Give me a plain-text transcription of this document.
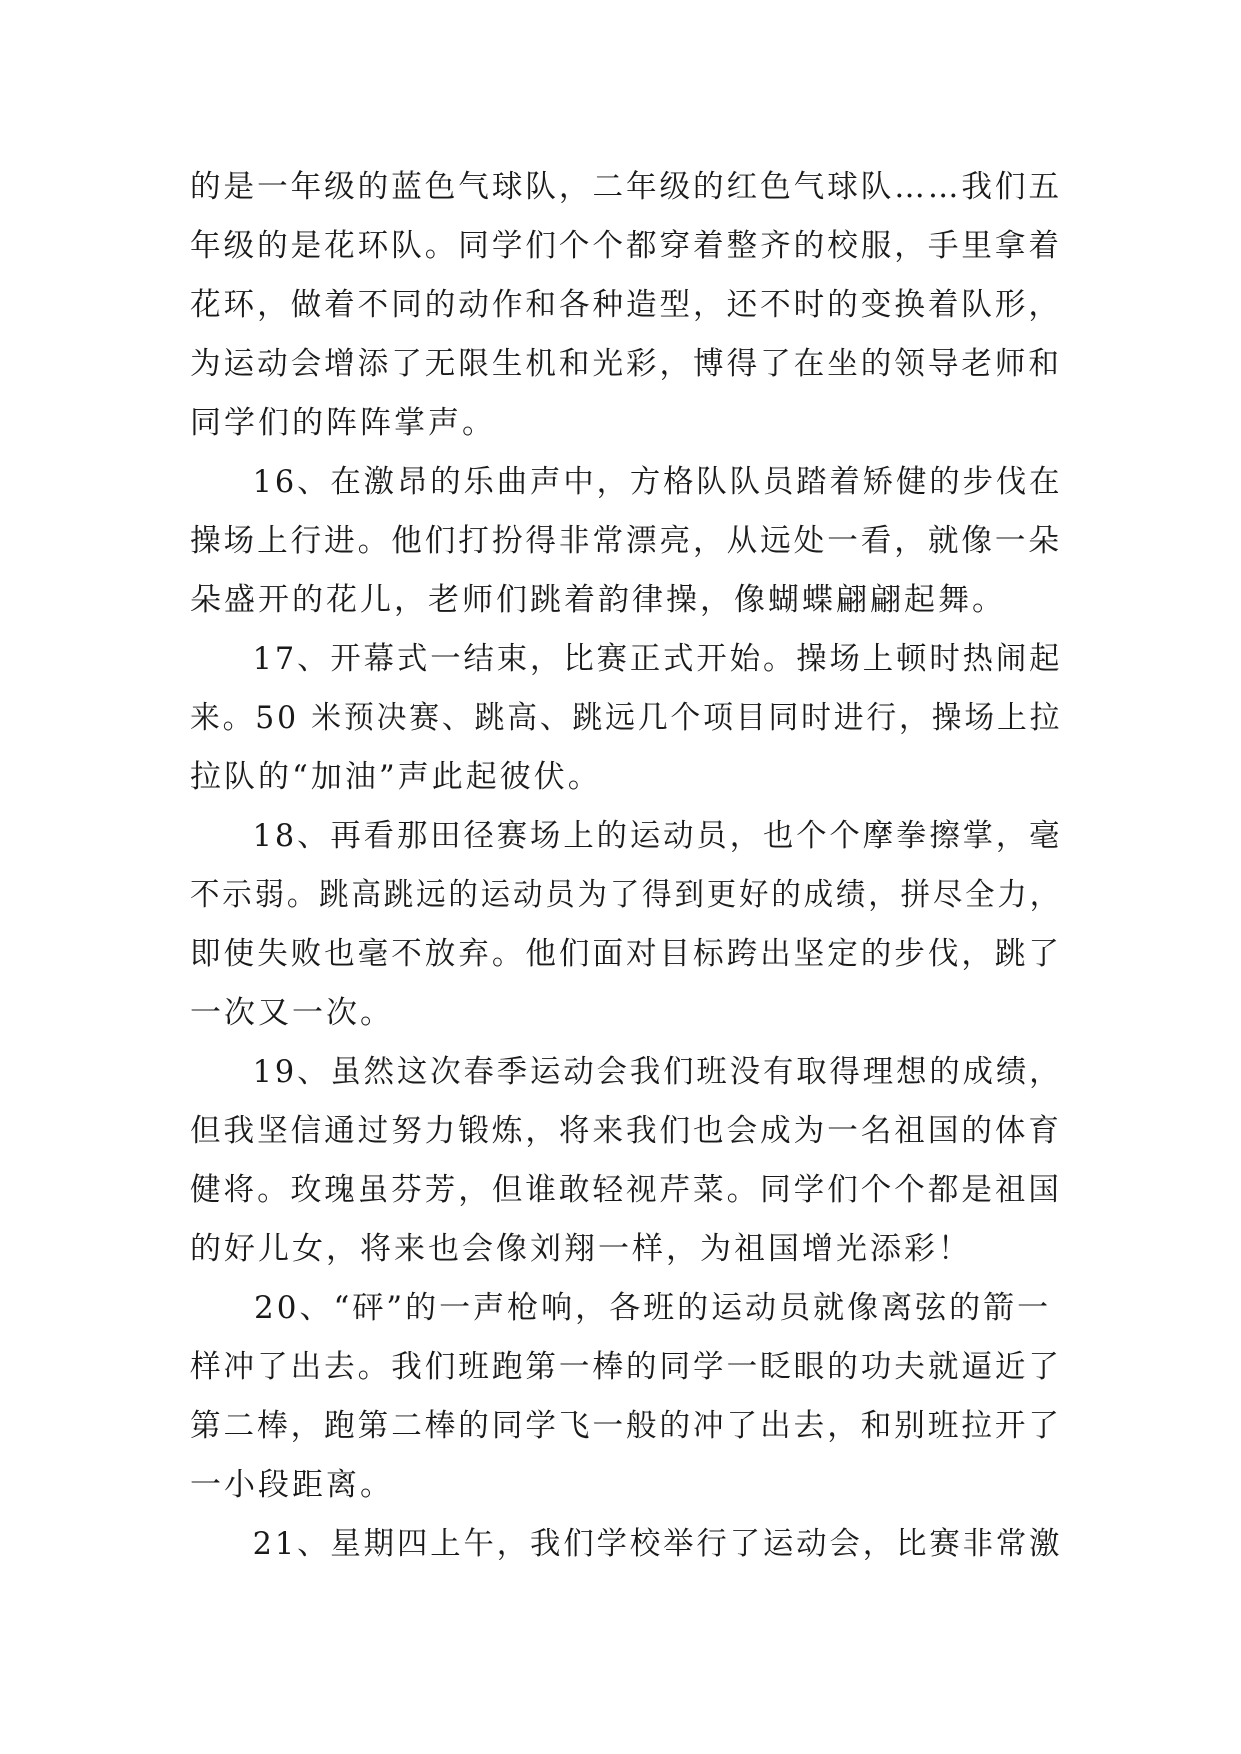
的是一年级的蓝色气球队，二年级的红色气球队……我们五
年级的是花环队。同学们个个都穿着整齐的校服，手里拿着
花环，做着不同的动作和各种造型，还不时的变换着队形，
为运动会增添了无限生机和光彩，博得了在坐的领导老师和
同学们的阵阵掌声。
16、在激昂的乐曲声中，方格队队员踏着矫健的步伐在
操场上行进。他们打扮得非常漂亮，从远处一看，就像一朵
朵盛开的花儿，老师们跳着韵律操，像蝴蝶翩翩起舞。
17、开幕式一结束，比赛正式开始。操场上顿时热闹起
来。50 米预决赛、跳高、跳远几个项目同时进行，操场上拉
拉队的“加油”声此起彼伏。
18、再看那田径赛场上的运动员，也个个摩拳擦掌，毫
不示弱。跳高跳远的运动员为了得到更好的成绩，拼尽全力，
即使失败也毫不放弃。他们面对目标跨出坚定的步伐，跳了
一次又一次。
19、虽然这次春季运动会我们班没有取得理想的成绩，
但我坚信通过努力锻炼，将来我们也会成为一名祖国的体育
健将。玫瑰虽芬芳，但谁敢轻视芹菜。同学们个个都是祖国
的好儿女，将来也会像刘翔一样，为祖国增光添彩！
20、“砰”的一声枪响，各班的运动员就像离弦的箭一
样冲了出去。我们班跑第一棒的同学一眨眼的功夫就逼近了
第二棒，跑第二棒的同学飞一般的冲了出去，和别班拉开了
一小段距离。
21、星期四上午，我们学校举行了运动会，比赛非常激
